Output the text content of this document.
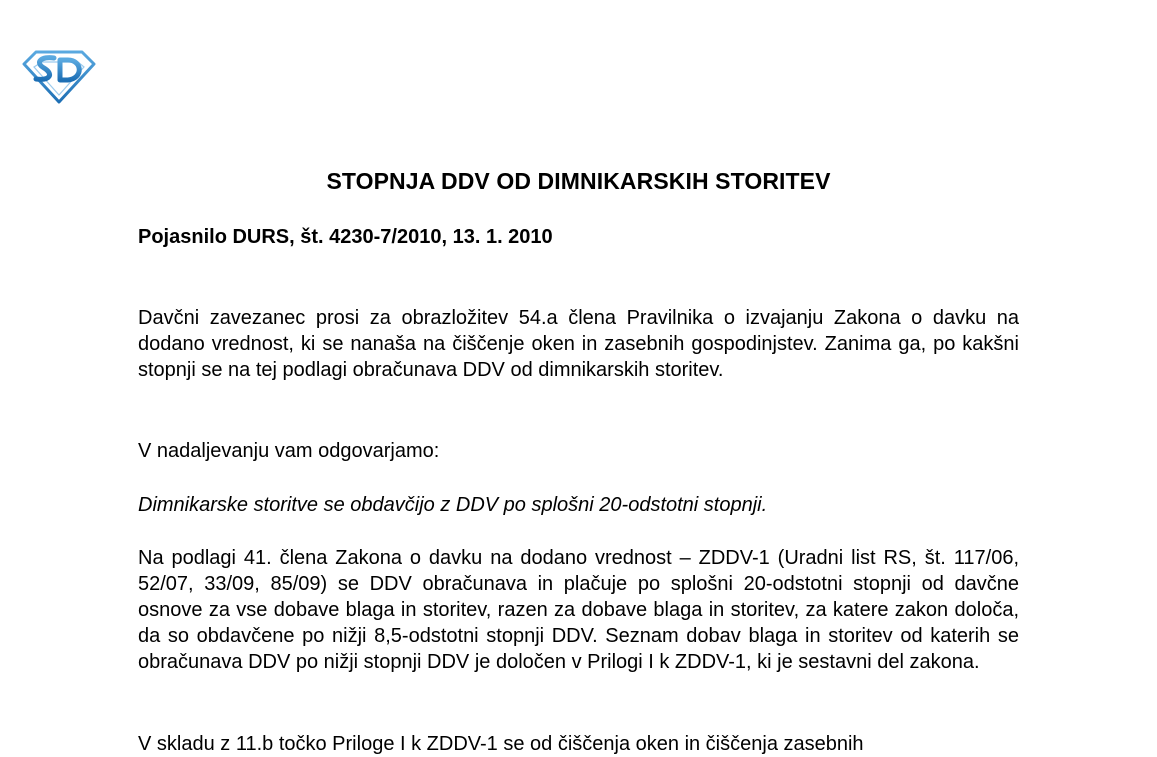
STOPNJA DDV OD DIMNIKARSKIH STORITEV
Pojasnilo DURS, št. 4230-7/2010, 13. 1. 2010

Davčni zavezanec prosi za obrazložitev 54.a člena Pravilnika o izvajanju Zakona o davku na dodano vrednost, ki se nanaša na čiščenje oken in zasebnih gospodinjstev. Zanima ga, po kakšni stopnji se na tej podlagi obračunava DDV od dimnikarskih storitev.

V nadaljevanju vam odgovarjamo:

Dimnikarske storitve se obdavčijo z DDV po splošni 20-odstotni stopnji.

Na podlagi 41. člena Zakona o davku na dodano vrednost – ZDDV-1 (Uradni list RS, št. 117/06, 52/07, 33/09, 85/09) se DDV obračunava in plačuje po splošni 20-odstotni stopnji od davčne osnove za vse dobave blaga in storitev, razen za dobave blaga in storitev, za katere zakon določa, da so obdavčene po nižji 8,5-odstotni stopnji DDV. Seznam dobav blaga in storitev od katerih se obračunava DDV po nižji stopnji DDV je določen v Prilogi I k ZDDV-1, ki je sestavni del zakona.

V skladu z 11.b točko Priloge I k ZDDV-1 se od čiščenja oken in čiščenja zasebnih
